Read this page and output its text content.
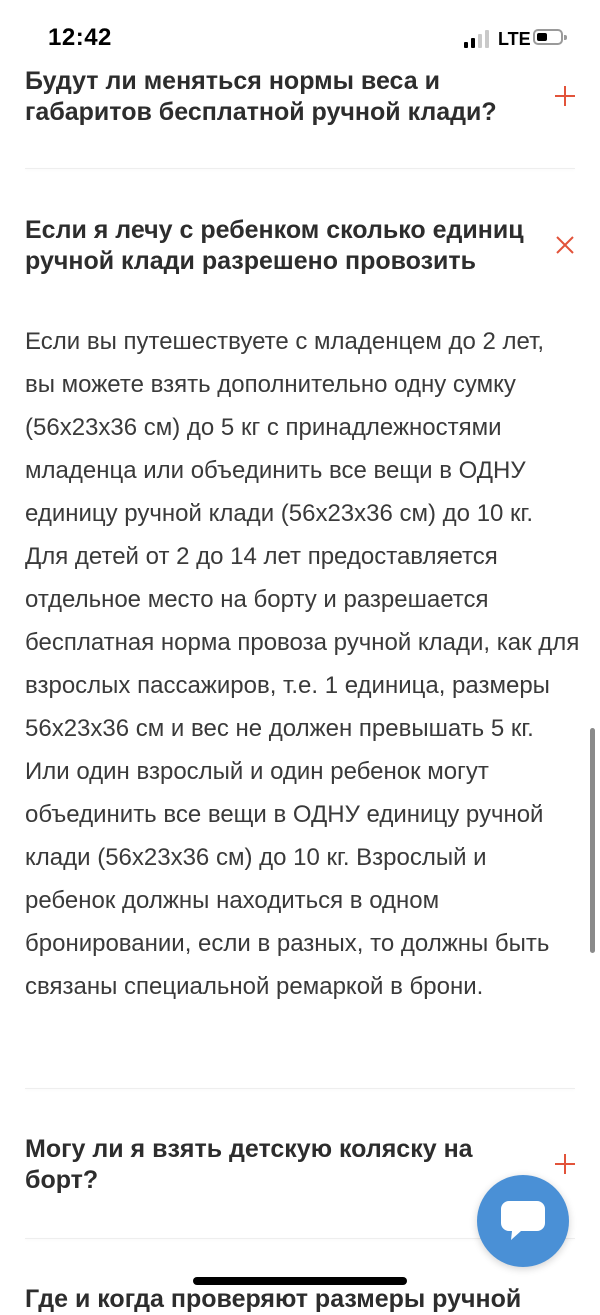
12:42	LTE
Будут ли меняться нормы веса и габаритов бесплатной ручной клади?
Если я лечу с ребенком сколько единиц ручной клади разрешено провозить

Если вы путешествуете с младенцем до 2 лет, вы можете взять дополнительно одну сумку (56х23х36 см) до 5 кг с принадлежностями младенца или объединить все вещи в ОДНУ единицу ручной клади (56х23х36 см) до 10 кг. Для детей от 2 до 14 лет предоставляется отдельное место на борту и разрешается бесплатная норма провоза ручной клади, как для взрослых пассажиров, т.е. 1 единица, размеры 56х23х36 см и вес не должен превышать 5 кг. Или один взрослый и один ребенок могут объединить все вещи в ОДНУ единицу ручной клади (56х23х36 см) до 10 кг. Взрослый и ребенок должны находиться в одном бронировании, если в разных, то должны быть связаны специальной ремаркой в брони.

Могу ли я взять детскую коляску на борт?
Где и когда проверяют размеры ручной
